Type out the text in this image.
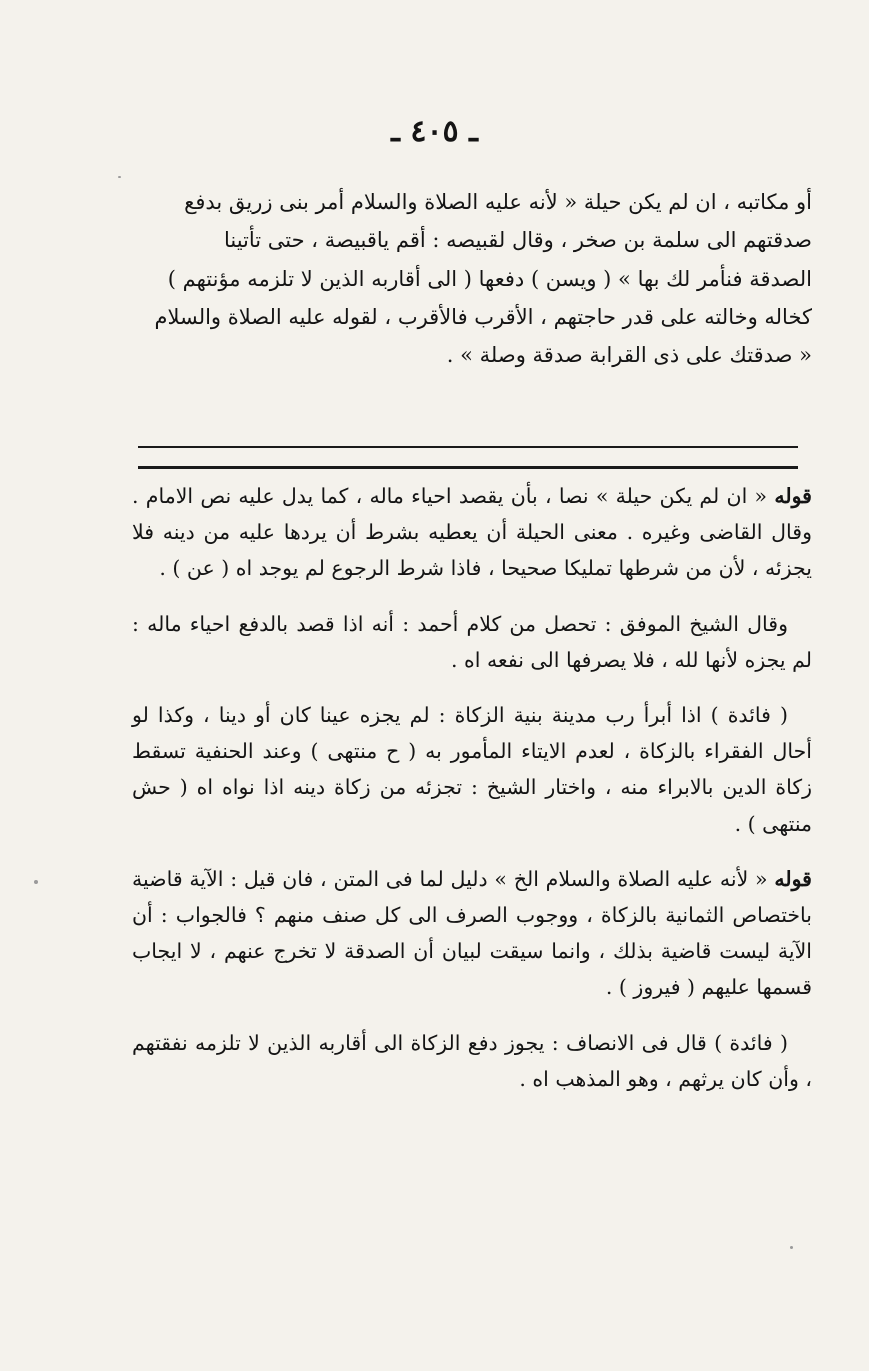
ـ ٤٠٥ ـ

أو مكاتبه ، ان لم يكن حيلة « لأنه عليه الصلاة والسلام أمر بنى زريق بدفع

صدقتهم الى سلمة بن صخر ، وقال لقبيصه : أقم ياقبيصة ، حتى تأتينا

الصدقة فنأمر لك بها » ( ويسن ) دفعها ( الى أقاربه الذين لا تلزمه مؤنتهم )

كخاله وخالته على قدر حاجتهم ، الأقرب فالأقرب ، لقوله عليه الصلاة والسلام

« صدقتك على ذى القرابة صدقة وصلة » .

قوله « ان لم يكن حيلة » نصا ، بأن يقصد احياء ماله ، كما يدل عليه نص الامام . وقال القاضى وغيره . معنى الحيلة أن يعطيه بشرط أن يردها عليه من دينه فلا يجزئه ، لأن من شرطها تمليكا صحيحا ، فاذا شرط الرجوع لم يوجد اه ( عن ) .

وقال الشيخ الموفق : تحصل من كلام أحمد : أنه اذا قصد بالدفع احياء ماله : لم يجزه لأنها لله ، فلا يصرفها الى نفعه اه .

( فائدة ) اذا أبرأ رب مدينة بنية الزكاة : لم يجزه عينا كان أو دينا ، وكذا لو أحال الفقراء بالزكاة ، لعدم الايتاء المأمور به ( ح منتهى ) وعند الحنفية تسقط زكاة الدين بالابراء منه ، واختار الشيخ : تجزئه من زكاة دينه اذا نواه اه ( حش منتهى ) .

قوله « لأنه عليه الصلاة والسلام الخ » دليل لما فى المتن ، فان قيل : الآية قاضية باختصاص الثمانية بالزكاة ، ووجوب الصرف الى كل صنف منهم ؟ فالجواب : أن الآية ليست قاضية بذلك ، وانما سيقت لبيان أن الصدقة لا تخرج عنهم ، لا ايجاب قسمها عليهم ( فيروز ) .

( فائدة ) قال فى الانصاف : يجوز دفع الزكاة الى أقاربه الذين لا تلزمه نفقتهم ، وأن كان يرثهم ، وهو المذهب اه .
